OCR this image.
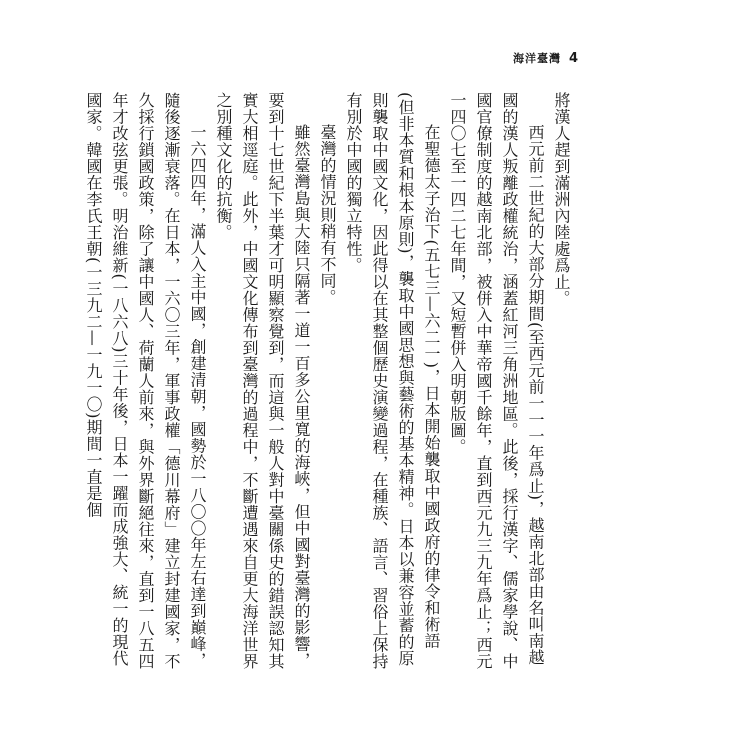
海洋臺灣 4

將漢人趕到滿洲內陸處爲止。

西元前二世紀的大部分期間(至西元前一一一年爲止)，越南北部由名叫南越國的漢人叛離政權統治，涵蓋紅河三角洲地區。此後，採行漢字、儒家學說、中國官僚制度的越南北部，被併入中華帝國千餘年，直到西元九三九年爲止；西元一四〇七至一四二七年間，又短暫併入明朝版圖。

在聖德太子治下(五七三—六二一)，日本開始襲取中國政府的律令和術語(但非本質和根本原則)，襲取中國思想與藝術的基本精神。日本以兼容並蓄的原則襲取中國文化，因此得以在其整個歷史演變過程，在種族、語言、習俗上保持有別於中國的獨立特性。

臺灣的情況則稍有不同。

雖然臺灣島與大陸只隔著一道一百多公里寬的海峽，但中國對臺灣的影響，要到十七世紀下半葉才可明顯察覺到，而這與一般人對中臺關係史的錯誤認知其實大相逕庭。此外，中國文化傳布到臺灣的過程中，不斷遭遇來自更大海洋世界之別種文化的抗衡。

一六四四年，滿人入主中國，創建清朝，國勢於一八〇〇年左右達到巔峰，隨後逐漸衰落。在日本，一六〇三年，軍事政權「德川幕府」建立封建國家，不久採行鎖國政策，除了讓中國人、荷蘭人前來，與外界斷絕往來，直到一八五四年才改弦更張。明治維新(一八六八)三十年後，日本一躍而成強大、統一的現代國家。韓國在李氏王朝(一三九二—一九一〇)期間一直是個
